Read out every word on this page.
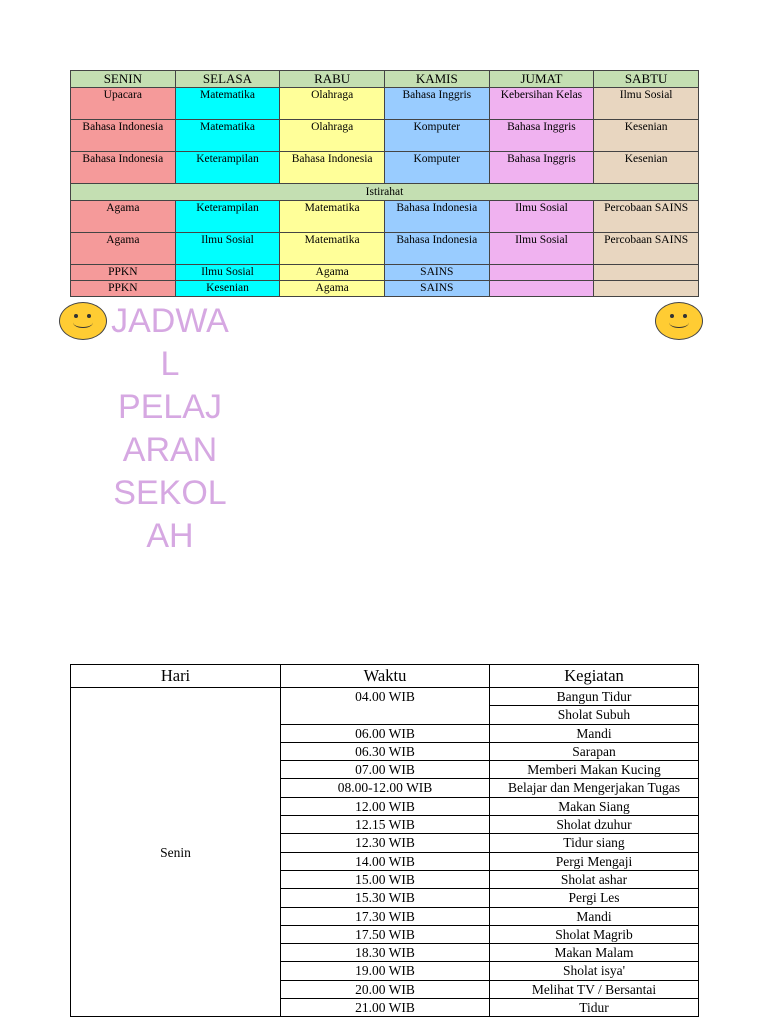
SENIN	SELASA	RABU	KAMIS	JUMAT	SABTU
Upacara	Matematika	Olahraga	Bahasa Inggris	Kebersihan Kelas	Ilmu Sosial
Bahasa Indonesia	Matematika	Olahraga	Komputer	Bahasa Inggris	Kesenian
Bahasa Indonesia	Keterampilan	Bahasa Indonesia	Komputer	Bahasa Inggris	Kesenian
Istirahat					
Agama	Keterampilan	Matematika	Bahasa Indonesia	Ilmu Sosial	Percobaan SAINS
Agama	Ilmu Sosial	Matematika	Bahasa Indonesia	Ilmu Sosial	Percobaan SAINS
PPKN	Ilmu Sosial	Agama	SAINS		
PPKN	Kesenian	Agama	SAINS		
JADWA
L
PELAJ
ARAN
SEKOL
AH
Hari	Waktu	Kegiatan
Senin	04.00 WIB	Bangun Tidur
		Sholat Subuh
	06.00 WIB	Mandi
	06.30 WIB	Sarapan
	07.00 WIB	Memberi Makan Kucing
	08.00-12.00 WIB	Belajar dan Mengerjakan Tugas
	12.00 WIB	Makan Siang
	12.15 WIB	Sholat dzuhur
	12.30 WIB	Tidur siang
	14.00 WIB	Pergi Mengaji
	15.00 WIB	Sholat ashar
	15.30 WIB	Pergi Les
	17.30 WIB	Mandi
	17.50 WIB	Sholat Magrib
	18.30 WIB	Makan Malam
	19.00 WIB	Sholat isya'
	20.00 WIB	Melihat TV / Bersantai
	21.00 WIB	Tidur
